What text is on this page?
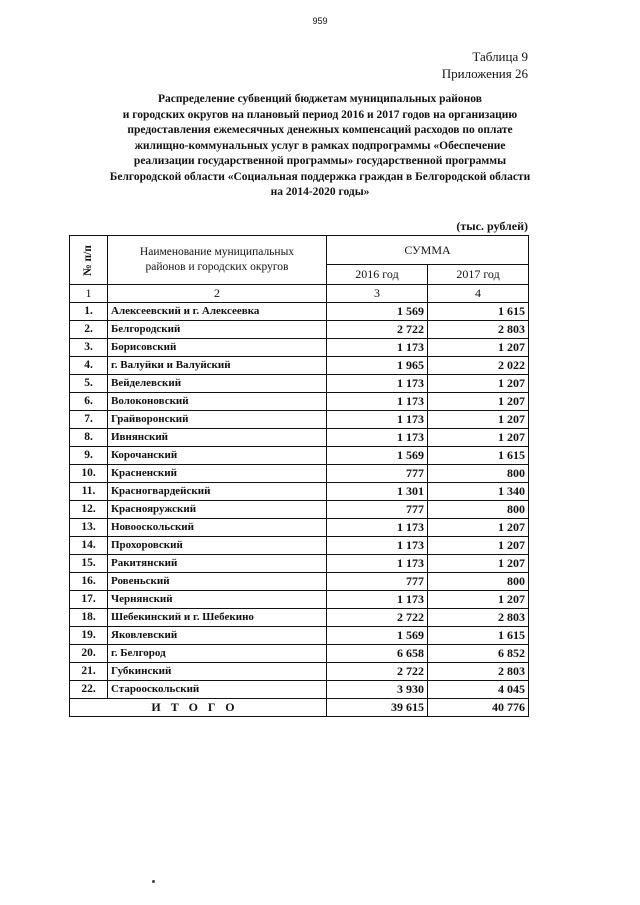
959
Таблица 9
Приложения 26
Распределение субвенций бюджетам муниципальных районов
и городских округов на плановый период 2016 и 2017 годов на организацию
предоставления ежемесячных денежных компенсаций расходов по оплате
жилищно-коммунальных услуг в рамках подпрограммы «Обеспечение
реализации государственной программы» государственной программы
Белгородской области «Социальная поддержка граждан в Белгородской области
на 2014-2020 годы»
(тыс. рублей)
№ п/п	Наименование муниципальных
районов и городских округов	СУММА	
		2016 год	2017 год
1	2	3	4
1.	Алексеевский и г. Алексеевка	1 569	1 615
2.	Белгородский	2 722	2 803
3.	Борисовский	1 173	1 207
4.	г. Валуйки и Валуйский	1 965	2 022
5.	Вейделевский	1 173	1 207
6.	Волоконовский	1 173	1 207
7.	Грайворонский	1 173	1 207
8.	Ивнянский	1 173	1 207
9.	Корочанский	1 569	1 615
10.	Красненский	777	800
11.	Красногвардейский	1 301	1 340
12.	Краснояружский	777	800
13.	Новооскольский	1 173	1 207
14.	Прохоровский	1 173	1 207
15.	Ракитянский	1 173	1 207
16.	Ровеньский	777	800
17.	Чернянский	1 173	1 207
18.	Шебекинский и г. Шебекино	2 722	2 803
19.	Яковлевский	1 569	1 615
20.	г. Белгород	6 658	6 852
21.	Губкинский	2 722	2 803
22.	Старооскольский	3 930	4 045
ИТОГО		39 615	40 776
